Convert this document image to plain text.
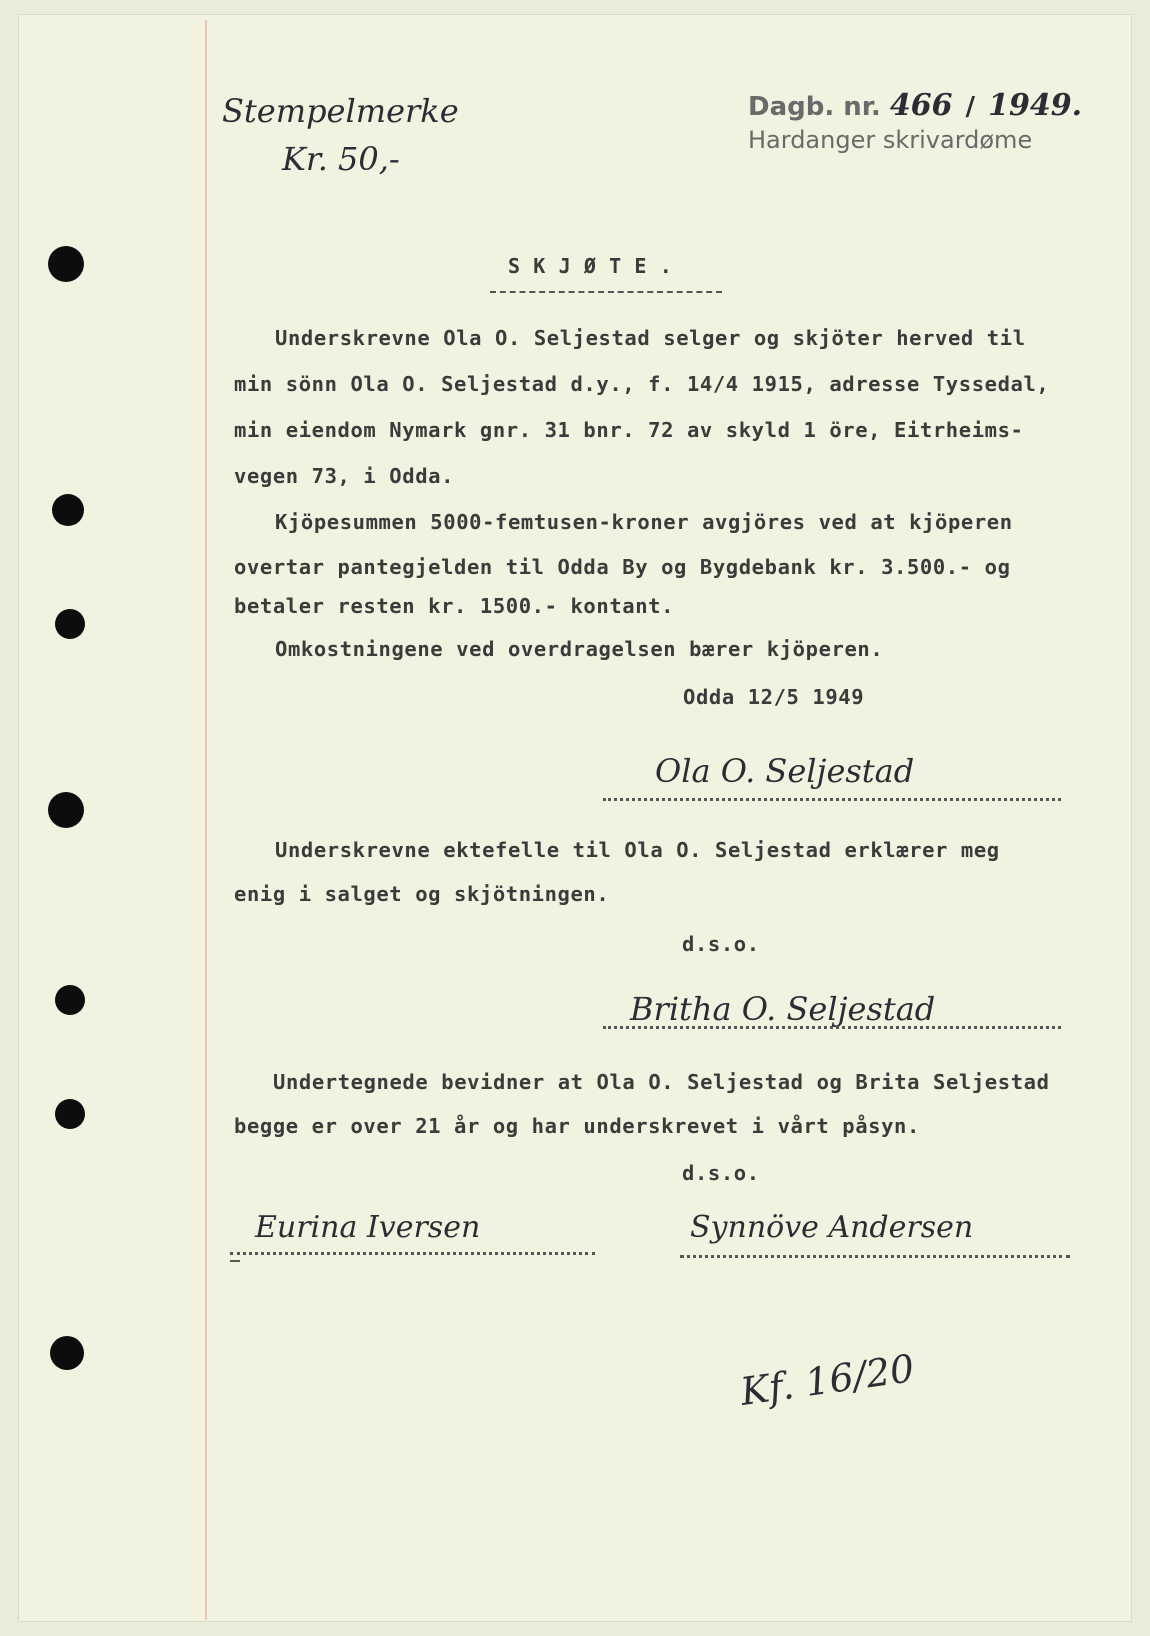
Stempelmerke
Kr. 50,-
Dagb. nr. 466 / 1949.
Hardanger skrivardøme
S K J Ø T E .
Underskrevne Ola O. Seljestad selger og skjöter herved til
min sönn Ola O. Seljestad d.y., f. 14/4 1915, adresse Tyssedal,
min eiendom Nymark gnr. 31 bnr. 72 av skyld 1 öre, Eitrheims-
vegen 73, i Odda.
Kjöpesummen 5000-femtusen-kroner avgjöres ved at kjöperen
overtar pantegjelden til Odda By og Bygdebank kr. 3.500.- og
betaler resten kr. 1500.- kontant.
Omkostningene ved overdragelsen bærer kjöperen.
Odda 12/5 1949
Ola O. Seljestad
Underskrevne ektefelle til Ola O. Seljestad erklærer meg
enig i salget og skjötningen.
d.s.o.
Britha O. Seljestad
Undertegnede bevidner at Ola O. Seljestad og Brita Seljestad
begge er over 21 år og har underskrevet i vårt påsyn.
d.s.o.
Eurina Iversen	Synnöve Andersen
Kf. 16/20
